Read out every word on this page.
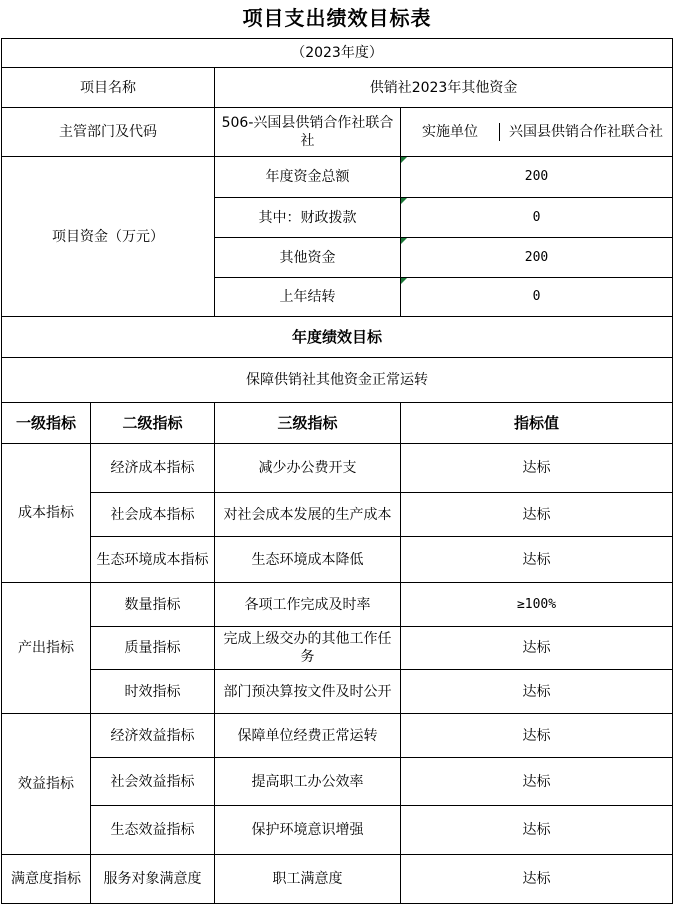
项目支出绩效目标表
（2023年度）			
项目名称		供销社2023年其他资金	
主管部门及代码		506-兴国县供销合作社联合社	实施单位 兴国县供销合作社联合社

项目资金（万元）		年度资金总额	200
		其中：财政拨款	0
		其他资金	200
		上年结转	0
年度绩效目标			
保障供销社其他资金正常运转			
一级指标	二级指标	三级指标	指标值
成本指标	经济成本指标	减少办公费开支	达标
	社会成本指标	对社会成本发展的生产成本	达标
	生态环境成本指标	生态环境成本降低	达标
产出指标	数量指标	各项工作完成及时率	≥100%
	质量指标	完成上级交办的其他工作任务	达标
	时效指标	部门预决算按文件及时公开	达标
效益指标	经济效益指标	保障单位经费正常运转	达标
	社会效益指标	提高职工办公效率	达标
	生态效益指标	保护环境意识增强	达标
满意度指标	服务对象满意度	职工满意度	达标
